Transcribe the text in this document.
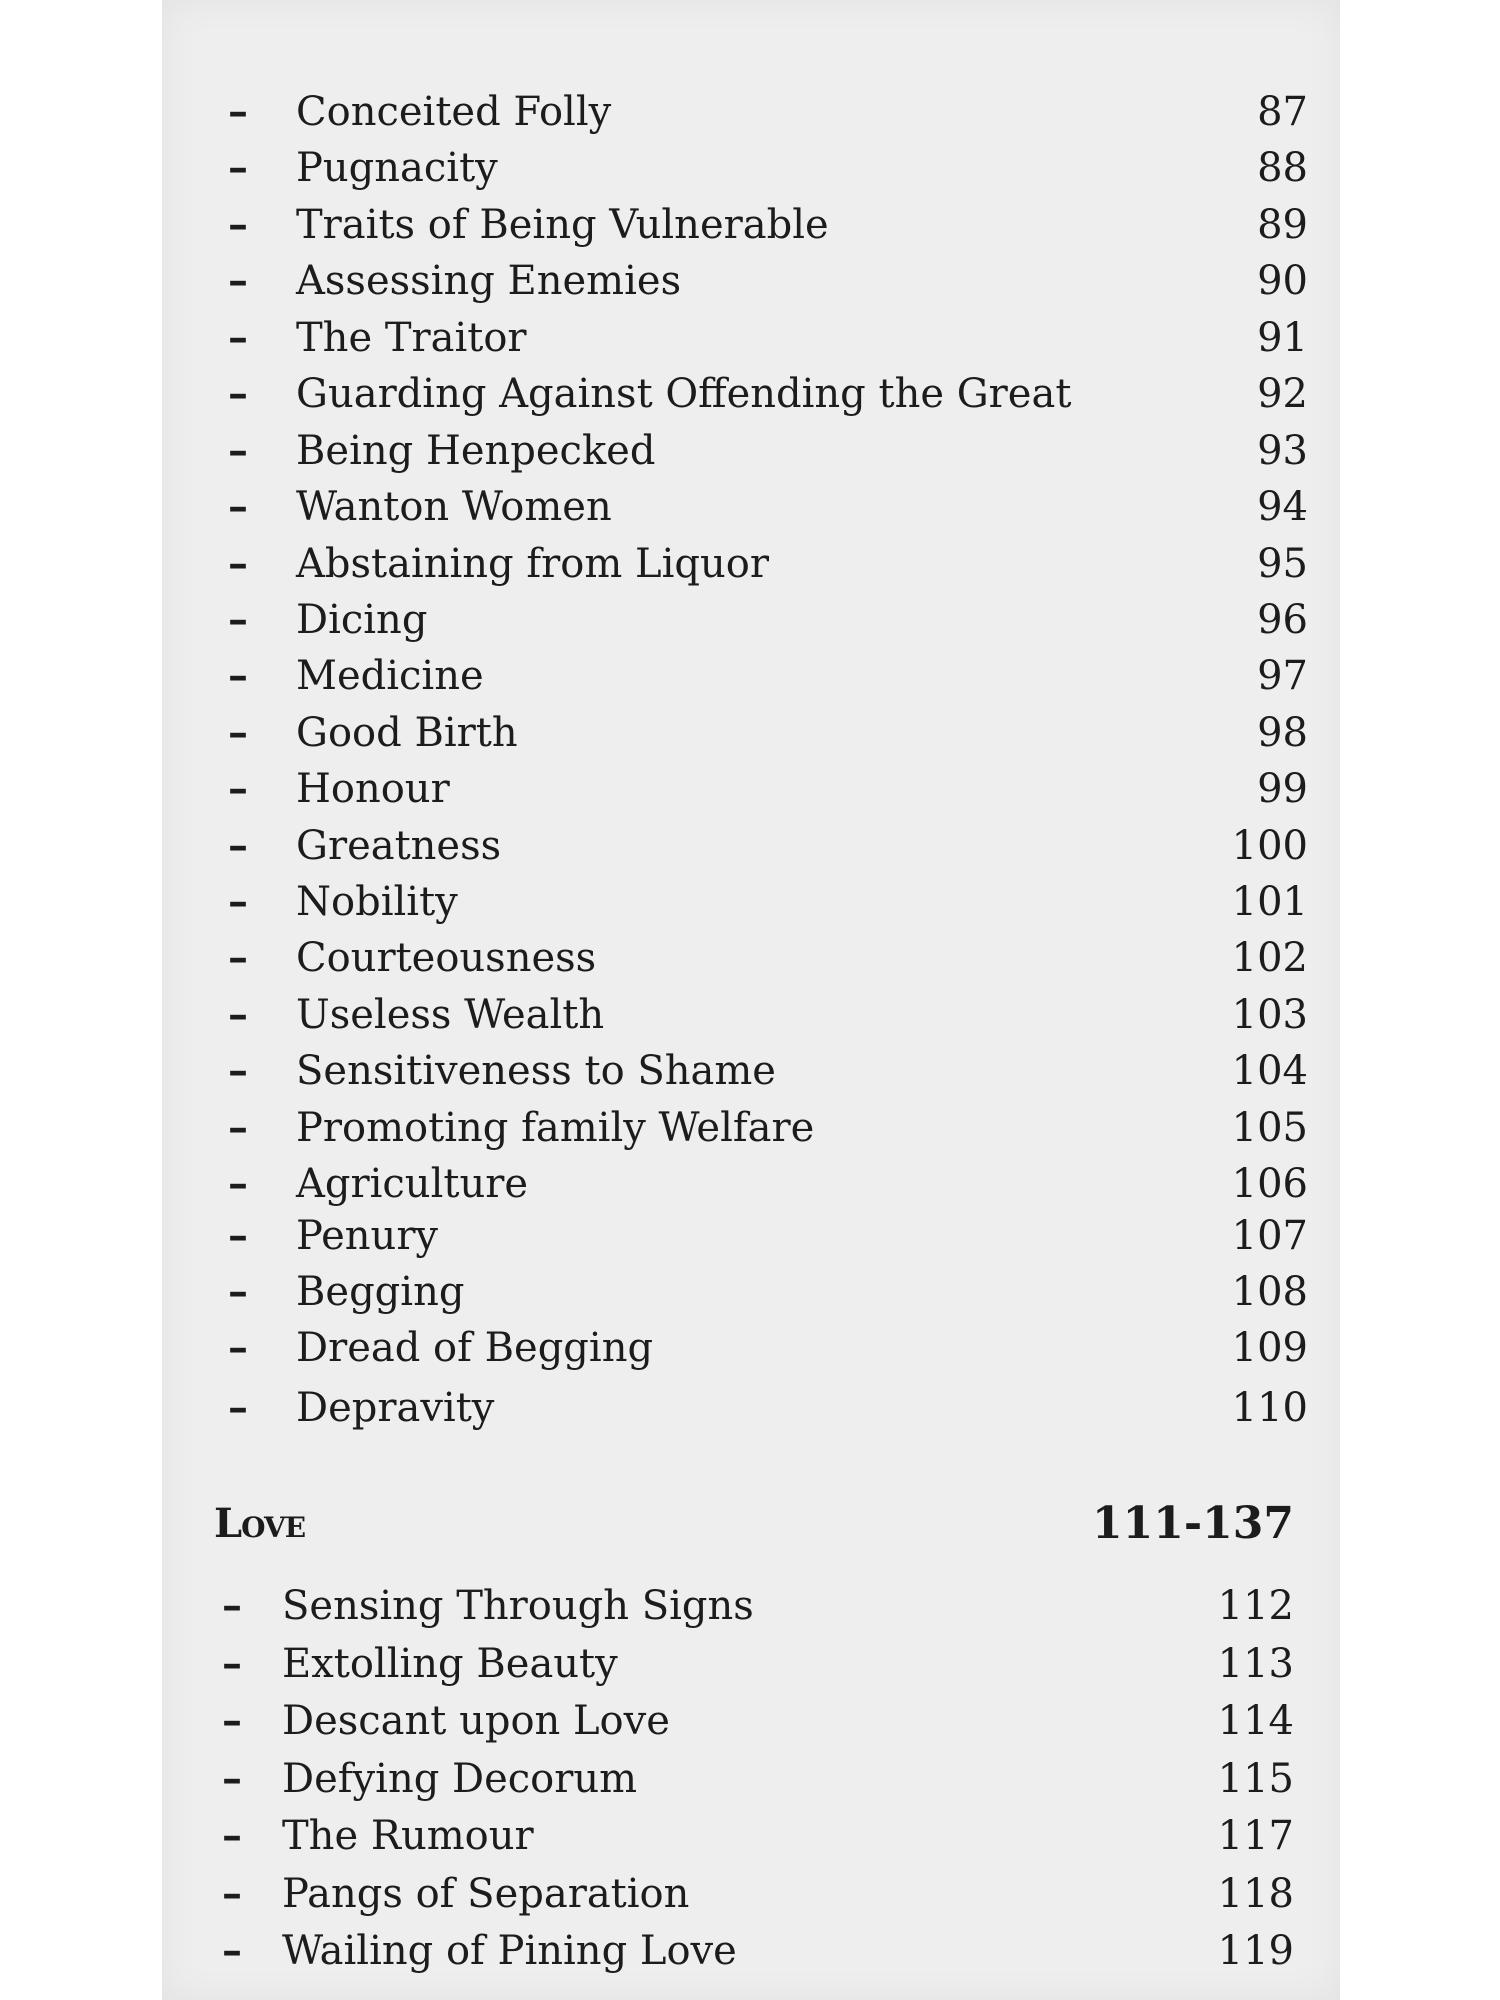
– Conceited Folly	87
– Pugnacity	88
– Traits of Being Vulnerable	89
– Assessing Enemies	90
– The Traitor	91
– Guarding Against Offending the Great	92
– Being Henpecked	93
– Wanton Women	94
– Abstaining from Liquor	95
– Dicing	96
– Medicine	97
– Good Birth	98
– Honour	99
– Greatness	100
– Nobility	101
– Courteousness	102
– Useless Wealth	103
– Sensitiveness to Shame	104
– Promoting family Welfare	105
– Agriculture	106
– Penury	107
– Begging	108
– Dread of Begging	109
– Depravity	110
Love	111-137
– Sensing Through Signs	112
– Extolling Beauty	113
– Descant upon Love	114
– Defying Decorum	115
– The Rumour	117
– Pangs of Separation	118
– Wailing of Pining Love	119
